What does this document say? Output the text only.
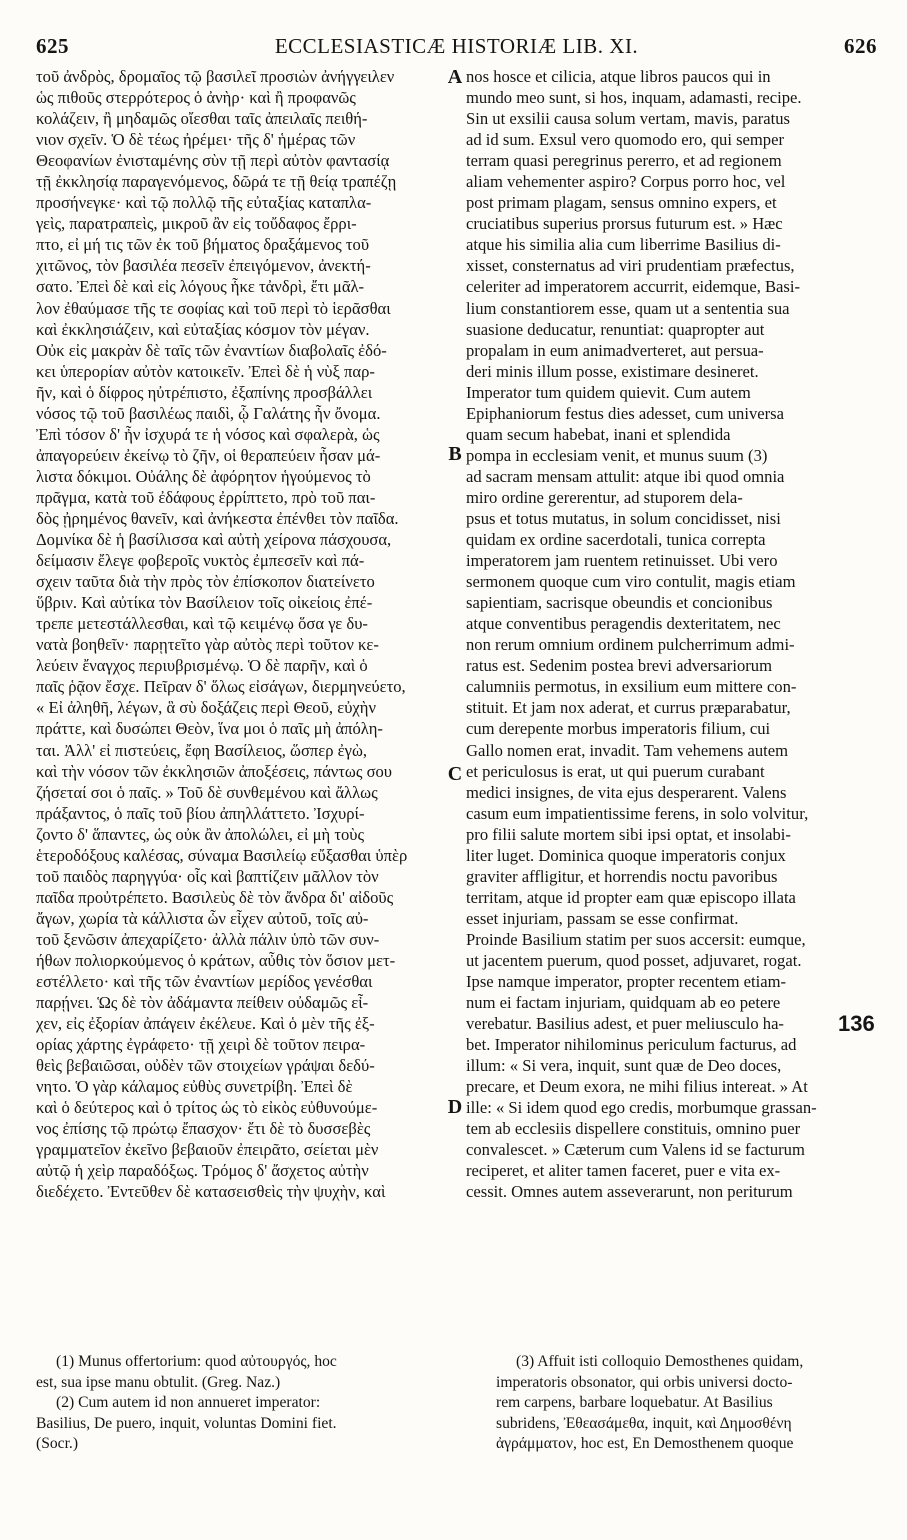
625	ECCLESIASTICÆ HISTORIÆ LIB. XI.	626
τοῦ ἀνδρὸς, δρομαῖος τῷ βασιλεῖ προσιὼν ἀνήγγειλεν
ὡς πιθοῦς στερρότερος ὁ ἀνὴρ· καὶ ἢ προφανῶς
κολάζειν, ἢ μηδαμῶς οἴεσθαι ταῖς ἀπειλαῖς πειθή-
νιον σχεῖν. Ὁ δὲ τέως ἠρέμει· τῆς δ' ἡμέρας τῶν
Θεοφανίων ἐνισταμένης σὺν τῇ περὶ αὐτὸν φαντασίᾳ
τῇ ἐκκλησίᾳ παραγενόμενος, δῶρά τε τῇ θείᾳ τραπέζῃ
προσήνεγκε· καὶ τῷ πολλῷ τῆς εὐταξίας καταπλα-
γεὶς, παρατραπεὶς, μικροῦ ἂν εἰς τοὔδαφος ἔρρι-
πτο, εἰ μή τις τῶν ἐκ τοῦ βήματος δραξάμενος τοῦ
χιτῶνος, τὸν βασιλέα πεσεῖν ἐπειγόμενον, ἀνεκτή-
σατο. Ἐπεὶ δὲ καὶ εἰς λόγους ἧκε τἀνδρὶ, ἔτι μᾶλ-
λον ἐθαύμασε τῆς τε σοφίας καὶ τοῦ περὶ τὸ ἱερᾶσθαι
καὶ ἐκκλησιάζειν, καὶ εὐταξίας κόσμον τὸν μέγαν.
Οὐκ εἰς μακρὰν δὲ ταῖς τῶν ἐναντίων διαβολαῖς ἐδό-
κει ὑπερορίαν αὐτὸν κατοικεῖν. Ἐπεὶ δὲ ἡ νὺξ παρ-
ῆν, καὶ ὁ δίφρος ηὐτρέπιστο, ἐξαπίνης προσβάλλει
νόσος τῷ τοῦ βασιλέως παιδὶ, ᾧ Γαλάτης ἦν ὄνομα.
Ἐπὶ τόσον δ' ἦν ἰσχυρά τε ἡ νόσος καὶ σφαλερὰ, ὡς
ἀπαγορεύειν ἐκείνῳ τὸ ζῆν, οἱ θεραπεύειν ἦσαν μά-
λιστα δόκιμοι. Οὐάλης δὲ ἀφόρητον ἡγούμενος τὸ
πρᾶγμα, κατὰ τοῦ ἐδάφους ἐρρίπτετο, πρὸ τοῦ παι-
δὸς ᾐρημένος θανεῖν, καὶ ἀνήκεστα ἐπένθει τὸν παῖδα.
Δομνίκα δὲ ἡ βασίλισσα καὶ αὐτὴ χείρονα πάσχουσα,
δείμασιν ἔλεγε φοβεροῖς νυκτὸς ἐμπεσεῖν καὶ πά-
σχειν ταῦτα διὰ τὴν πρὸς τὸν ἐπίσκοπον διατείνετο
ὕβριν. Καὶ αὐτίκα τὸν Βασίλειον τοῖς οἰκείοις ἐπέ-
τρεπε μετεστάλλεσθαι, καὶ τῷ κειμένῳ ὅσα γε δυ-
νατὰ βοηθεῖν· παρῃτεῖτο γὰρ αὐτὸς περὶ τοῦτον κε-
λεύειν ἔναγχος περιυβρισμένῳ. Ὁ δὲ παρῆν, καὶ ὁ
παῖς ῥᾷον ἔσχε. Πεῖραν δ' ὅλως εἰσάγων, διερμηνεύετο,
« Εἰ ἀληθῆ, λέγων, ἃ σὺ δοξάζεις περὶ Θεοῦ, εὐχὴν
πράττε, καὶ δυσώπει Θεὸν, ἵνα μοι ὁ παῖς μὴ ἀπόλη-
ται. Ἀλλ' εἰ πιστεύεις, ἔφη Βασίλειος, ὥσπερ ἐγὼ,
καὶ τὴν νόσον τῶν ἐκκλησιῶν ἀποξέσεις, πάντως σου
ζήσεταί σοι ὁ παῖς. » Τοῦ δὲ συνθεμένου καὶ ἄλλως
πράξαντος, ὁ παῖς τοῦ βίου ἀπηλλάττετο. Ἰσχυρί-
ζοντο δ' ἅπαντες, ὡς οὐκ ἂν ἀπολώλει, εἰ μὴ τοὺς
ἑτεροδόξους καλέσας, σύναμα Βασιλείῳ εὔξασθαι ὑπὲρ
τοῦ παιδὸς παρηγγύα· οἷς καὶ βαπτίζειν μᾶλλον τὸν
παῖδα προὐτρέπετο. Βασιλεὺς δὲ τὸν ἄνδρα δι' αἰδοῦς
ἄγων, χωρία τὰ κάλλιστα ὧν εἶχεν αὐτοῦ, τοῖς αὐ-
τοῦ ξενῶσιν ἀπεχαρίζετο· ἀλλὰ πάλιν ὑπὸ τῶν συν-
ήθων πολιορκούμενος ὁ κράτων, αὖθις τὸν ὅσιον μετ-
εστέλλετο· καὶ τῆς τῶν ἐναντίων μερίδος γενέσθαι
παρῄνει. Ὡς δὲ τὸν ἀδάμαντα πείθειν οὐδαμῶς εἶ-
χεν, εἰς ἐξορίαν ἀπάγειν ἐκέλευε. Καὶ ὁ μὲν τῆς ἐξ-
ορίας χάρτης ἐγράφετο· τῇ χειρὶ δὲ τοῦτον πειρα-
θεὶς βεβαιῶσαι, οὐδὲν τῶν στοιχείων γράψαι δεδύ-
νητο. Ὁ γὰρ κάλαμος εὐθὺς συνετρίβη. Ἐπεὶ δὲ
καὶ ὁ δεύτερος καὶ ὁ τρίτος ὡς τὸ εἰκὸς εὐθυνούμε-
νος ἐπίσης τῷ πρώτῳ ἔπασχον· ἔτι δὲ τὸ δυσσεβὲς
γραμματεῖον ἐκεῖνο βεβαιοῦν ἐπειρᾶτο, σείεται μὲν
αὐτῷ ἡ χεὶρ παραδόξως. Τρόμος δ' ἄσχετος αὐτὴν
διεδέχετο. Ἐντεῦθεν δὲ κατασεισθεὶς τὴν ψυχὴν, καὶ
nos hosce et cilicia, atque libros paucos qui in
mundo meo sunt, si hos, inquam, adamasti, recipe.
Sin ut exsilii causa solum vertam, mavis, paratus
ad id sum. Exsul vero quomodo ero, qui semper
terram quasi peregrinus pererro, et ad regionem
aliam vehementer aspiro? Corpus porro hoc, vel
post primam plagam, sensus omnino expers, et
cruciatibus superius prorsus futurum est. » Hæc
atque his similia alia cum liberrime Basilius di-
xisset, consternatus ad viri prudentiam præfectus,
celeriter ad imperatorem accurrit, eidemque, Basi-
lium constantiorem esse, quam ut a sententia sua
suasione deducatur, renuntiat: quapropter aut
propalam in eum animadverteret, aut persua-
deri minis illum posse, existimare desineret.
Imperator tum quidem quievit. Cum autem
Epiphaniorum festus dies adesset, cum universa
quam secum habebat, inani et splendida
pompa in ecclesiam venit, et munus suum (3)
ad sacram mensam attulit: atque ibi quod omnia
miro ordine gererentur, ad stuporem dela-
psus et totus mutatus, in solum concidisset, nisi
quidam ex ordine sacerdotali, tunica correpta
imperatorem jam ruentem retinuisset. Ubi vero
sermonem quoque cum viro contulit, magis etiam
sapientiam, sacrisque obeundis et concionibus
atque conventibus peragendis dexteritatem, nec
non rerum omnium ordinem pulcherrimum admi-
ratus est. Sedenim postea brevi adversariorum
calumniis permotus, in exsilium eum mittere con-
stituit. Et jam nox aderat, et currus præparabatur,
cum derepente morbus imperatoris filium, cui
Gallo nomen erat, invadit. Tam vehemens autem
et periculosus is erat, ut qui puerum curabant
medici insignes, de vita ejus desperarent. Valens
casum eum impatientissime ferens, in solo volvitur,
pro filii salute mortem sibi ipsi optat, et insolabi-
liter luget. Dominica quoque imperatoris conjux
graviter affligitur, et horrendis noctu pavoribus
territam, atque id propter eam quæ episcopo illata
esset injuriam, passam se esse confirmat.
Proinde Basilium statim per suos accersit: eumque,
ut jacentem puerum, quod posset, adjuvaret, rogat.
Ipse namque imperator, propter recentem etiam-
num ei factam injuriam, quidquam ab eo petere
verebatur. Basilius adest, et puer meliusculo ha-
bet. Imperator nihilominus periculum facturus, ad
illum: « Si vera, inquit, sunt quæ de Deo doces,
precare, et Deum exora, ne mihi filius intereat. » At
ille: « Si idem quod ego credis, morbumque grassan-
tem ab ecclesiis dispellere constituis, omnino puer
convalescet. » Cæterum cum Valens id se facturum
reciperet, et aliter tamen faceret, puer e vita ex-
cessit. Omnes autem asseverarunt, non periturum
A
B
C
D
136
(1) Munus offertorium: quod αὐτουργός, hoc
est, sua ipse manu obtulit. (Greg. Naz.)
(2) Cum autem id non annueret imperator:
Basilius, De puero, inquit, voluntas Domini fiet.
(Socr.)
(3) Affuit isti colloquio Demosthenes quidam,
imperatoris obsonator, qui orbis universi docto-
rem carpens, barbare loquebatur. At Basilius
subridens, Ἐθεασάμεθα, inquit, καὶ Δημοσθένη
ἀγράμματον, hoc est, En Demosthenem quoque
